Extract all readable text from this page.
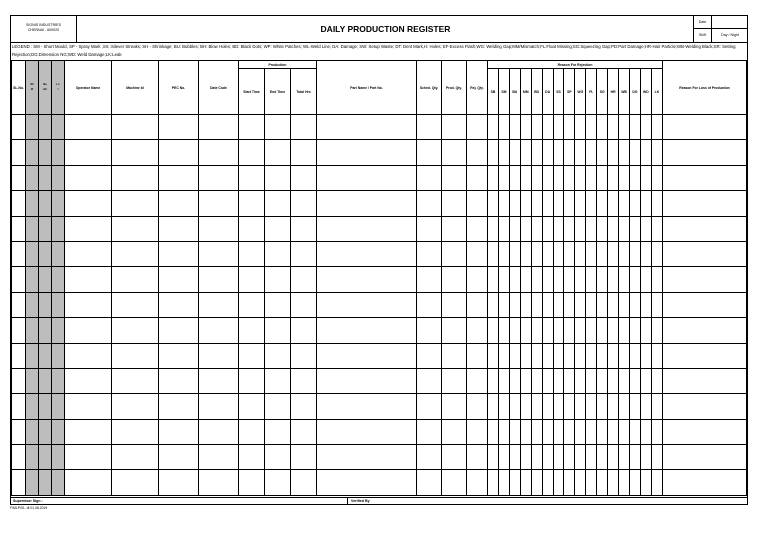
SIGNIS INDUSTRIES
CHENNAI - 600020	DAILY PRODUCTION REGISTER
Date
Shift	Day / Night
LEGEND : SM - Short Mould, SP - Spray Mark ,SS :Silever Streaks; SH - Shrinkage; BU: Bubbles; BH: Blow Holes; BD: Black Dots; WP: White Patches; WL-Weld Line; DA: Damage; SW: Setup Waste; DT: Dent Mark,H: Holes; EF-Excess Flash;WG: Welding Gap;MM/Mismatch;FL:Float Missing;SG:Squeezing Gap;PD:Part Damage;HR-Hair Particle;WB-Welding Black;SR: Setting Rejection;DG:Dimension NG;WD: Weld Damage;LK:Leak
SL.No.	Shift	Batch	Lot	Operator Name	Machine Id	PEC No.	Date Code	Production			Part Name / Part No.	Sched. Qty.	Prod. Qty.	Rej. Qty.	Reason For Rejection																Reason For Loss of Production
								Start Time	End Time	Total Hrs					SB	SM	BU	MM	BD	DA	SS	SP	WG	FL	SG	HR	WB	DG	WD	LK	

Supervisor Sign :	Verified By
F/MLP/01. dt 01.08.2019
